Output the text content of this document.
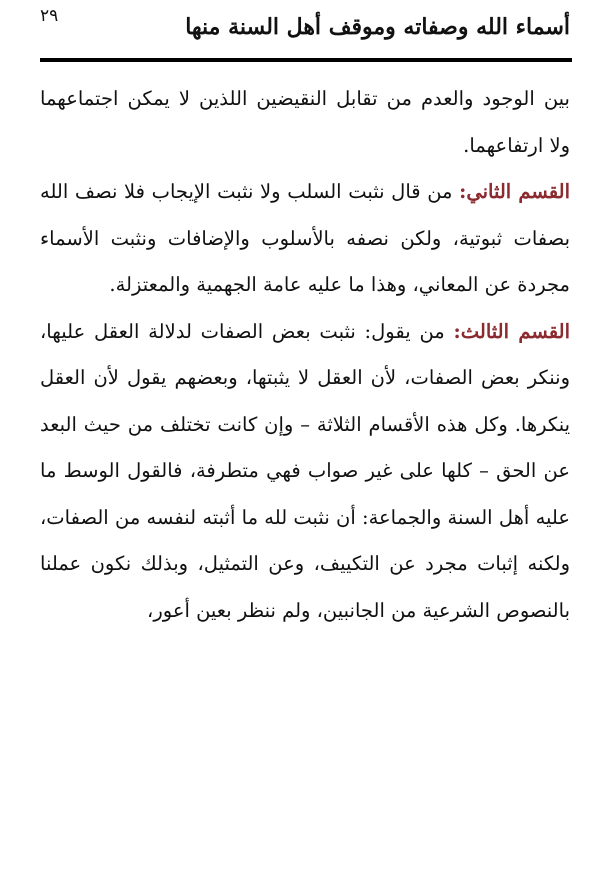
أسماء الله وصفاته وموقف أهل السنة منها
٢٩

بين الوجود والعدم من تقابل النقيضين اللذين لا يمكن اجتماعهما ولا ارتفاعهما.

القسم الثاني: من قال نثبت السلب ولا نثبت الإيجاب فلا نصف الله بصفات ثبوتية، ولكن نصفه بالأسلوب والإضافات ونثبت الأسماء مجردة عن المعاني، وهذا ما عليه عامة الجهمية والمعتزلة.

القسم الثالث: من يقول: نثبت بعض الصفات لدلالة العقل عليها، وننكر بعض الصفات، لأن العقل لا يثبتها، وبعضهم يقول لأن العقل ينكرها. وكل هذه الأقسام الثلاثة – وإن كانت تختلف من حيث البعد عن الحق – كلها على غير صواب فهي متطرفة، فالقول الوسط ما عليه أهل السنة والجماعة: أن نثبت لله ما أثبته لنفسه من الصفات، ولكنه إثبات مجرد عن التكييف، وعن التمثيل، وبذلك نكون عملنا بالنصوص الشرعية من الجانبين، ولم ننظر بعين أعور،
